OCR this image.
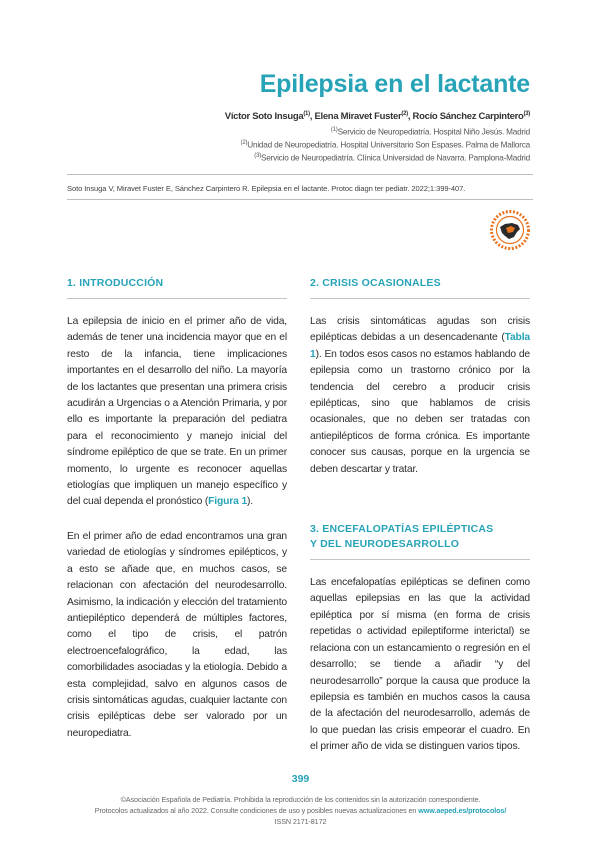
Epilepsia en el lactante
Víctor Soto Insuga$^{(1)}$, Elena Miravet Fuster$^{(2)}$, Rocío Sánchez Carpintero$^{(3)}$
$^{(1)}$Servicio de Neuropediatría. Hospital Niño Jesús. Madrid
$^{(2)}$Unidad de Neuropediatría. Hospital Universitario Son Espases. Palma de Mallorca
$^{(3)}$Servicio de Neuropediatría. Clínica Universidad de Navarra. Pamplona-Madrid
Soto Insuga V, Miravet Fuster E, Sánchez Carpintero R. Epilepsia en el lactante. Protoc diagn ter pediatr. 2022;1:399-407.
1. INTRODUCCIÓN

La epilepsia de inicio en el primer año de vida, además de tener una incidencia mayor que en el resto de la infancia, tiene implicaciones importantes en el desarrollo del niño. La mayoría de los lactantes que presentan una primera crisis acudirán a Urgencias o a Atención Primaria, y por ello es importante la preparación del pediatra para el reconocimiento y manejo inicial del síndrome epiléptico de que se trate. En un primer momento, lo urgente es reconocer aquellas etiologías que impliquen un manejo específico y del cual dependa el pronóstico (Figura 1).

En el primer año de edad encontramos una gran variedad de etiologías y síndromes epilépticos, y a esto se añade que, en muchos casos, se relacionan con afectación del neurodesarrollo. Asimismo, la indicación y elección del tratamiento antiepiléptico dependerá de múltiples factores, como el tipo de crisis, el patrón electroencefalográfico, la edad, las comorbilidades asociadas y la etiología. Debido a esta complejidad, salvo en algunos casos de crisis sintomáticas agudas, cualquier lactante con crisis epilépticas debe ser valorado por un neuropediatra.

2. CRISIS OCASIONALES

Las crisis sintomáticas agudas son crisis epilépticas debidas a un desencadenante (Tabla 1). En todos esos casos no estamos hablando de epilepsia como un trastorno crónico por la tendencia del cerebro a producir crisis epilépticas, sino que hablamos de crisis ocasionales, que no deben ser tratadas con antiepilépticos de forma crónica. Es importante conocer sus causas, porque en la urgencia se deben descartar y tratar.

3. ENCEFALOPATÍAS EPILÉPTICAS
Y DEL NEURODESARROLLO

Las encefalopatías epilépticas se definen como aquellas epilepsias en las que la actividad epiléptica por sí misma (en forma de crisis repetidas o actividad epileptiforme interictal) se relaciona con un estancamiento o regresión en el desarrollo; se tiende a añadir “y del neurodesarrollo” porque la causa que produce la epilepsia es también en muchos casos la causa de la afectación del neurodesarrollo, además de lo que puedan las crisis empeorar el cuadro. En el primer año de vida se distinguen varios tipos.

399
©Asociación Española de Pediatría. Prohibida la reproducción de los contenidos sin la autorización correspondiente.
Protocolos actualizados al año 2022. Consulte condiciones de uso y posibles nuevas actualizaciones en www.aeped.es/protocolos/
ISSN 2171-8172
